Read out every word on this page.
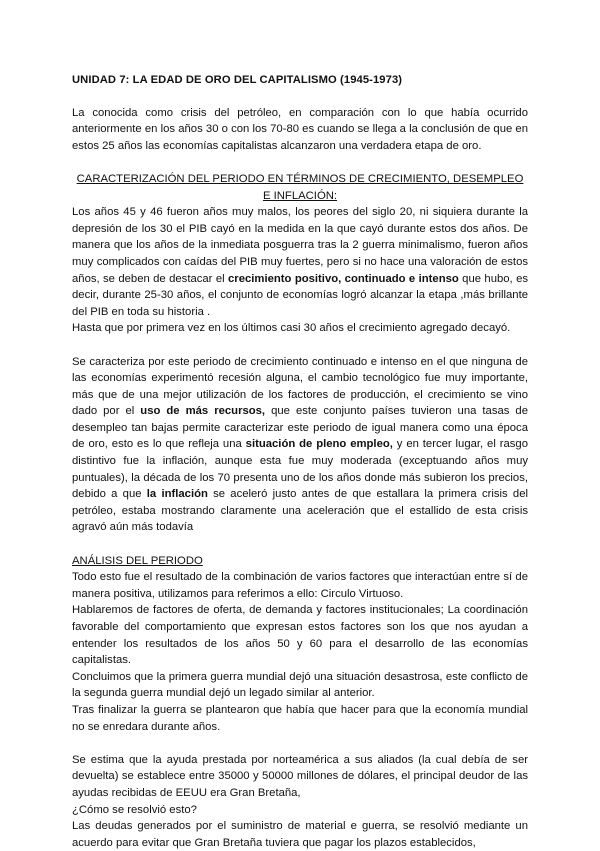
UNIDAD 7: LA EDAD DE ORO DEL CAPITALISMO (1945-1973)

La conocida como crisis del petróleo, en comparación con lo que había ocurrido anteriormente en los años 30 o con los 70-80 es cuando se llega a la conclusión de que en estos 25 años las economías capitalistas alcanzaron una verdadera etapa de oro.

CARACTERIZACIÓN DEL PERIODO EN TÉRMINOS DE CRECIMIENTO, DESEMPLEO E INFLACIÓN:

Los años 45 y 46 fueron años muy malos, los peores del siglo 20, ni siquiera durante la depresión de los 30 el PIB cayó en la medida en la que cayó durante estos dos años. De manera que los años de la inmediata posguerra tras la 2 guerra minimalismo, fueron años muy complicados con caídas del PIB muy fuertes, pero si no hace una valoración de estos años, se deben de destacar el crecimiento positivo, continuado e intenso que hubo, es decir, durante 25-30 años, el conjunto de economías logró alcanzar la etapa ,más brillante del PIB en toda su historia .

Hasta que por primera vez en los últimos casi 30 años el crecimiento agregado decayó.

Se caracteriza por este periodo de crecimiento continuado e intenso en el que ninguna de las economías experimentó recesión alguna, el cambio tecnológico fue muy importante, más que de una mejor utilización de los factores de producción, el crecimiento se vino dado por el uso de más recursos, que este conjunto países tuvieron una tasas de desempleo tan bajas permite caracterizar este periodo de igual manera como una época de oro, esto es lo que refleja una situación de pleno empleo, y en tercer lugar, el rasgo distintivo fue la inflación, aunque esta fue muy moderada (exceptuando años muy puntuales), la década de los 70 presenta uno de los años donde más subieron los precios, debido a que la inflación se aceleró justo antes de que estallara la primera crisis del petróleo, estaba mostrando claramente una aceleración que el estallido de esta crisis agravó aún más todavía

ANÁLISIS DEL PERIODO

Todo esto fue el resultado de la combinación de varios factores que interactúan entre sí de manera positiva, utilizamos para referimos a ello: Circulo Virtuoso.

Hablaremos de factores de oferta, de demanda y factores institucionales; La coordinación favorable del comportamiento que expresan estos factores son los que nos ayudan a entender los resultados de los años 50 y 60 para el desarrollo de las economías capitalistas.

Concluimos que la primera guerra mundial dejó una situación desastrosa, este conflicto de la segunda guerra mundial dejó un legado similar al anterior.

Tras finalizar la guerra se plantearon que había que hacer para que la economía mundial no se enredara durante años.

Se estima que la ayuda prestada por norteamérica a sus aliados (la cual debía de ser devuelta) se establece entre 35000 y 50000 millones de dólares, el principal deudor de las ayudas recibidas de EEUU era Gran Bretaña,

¿Cómo se resolvió esto?

Las deudas generados por el suministro de material e guerra, se resolvió mediante un acuerdo para evitar que Gran Bretaña tuviera que pagar los plazos establecidos,
